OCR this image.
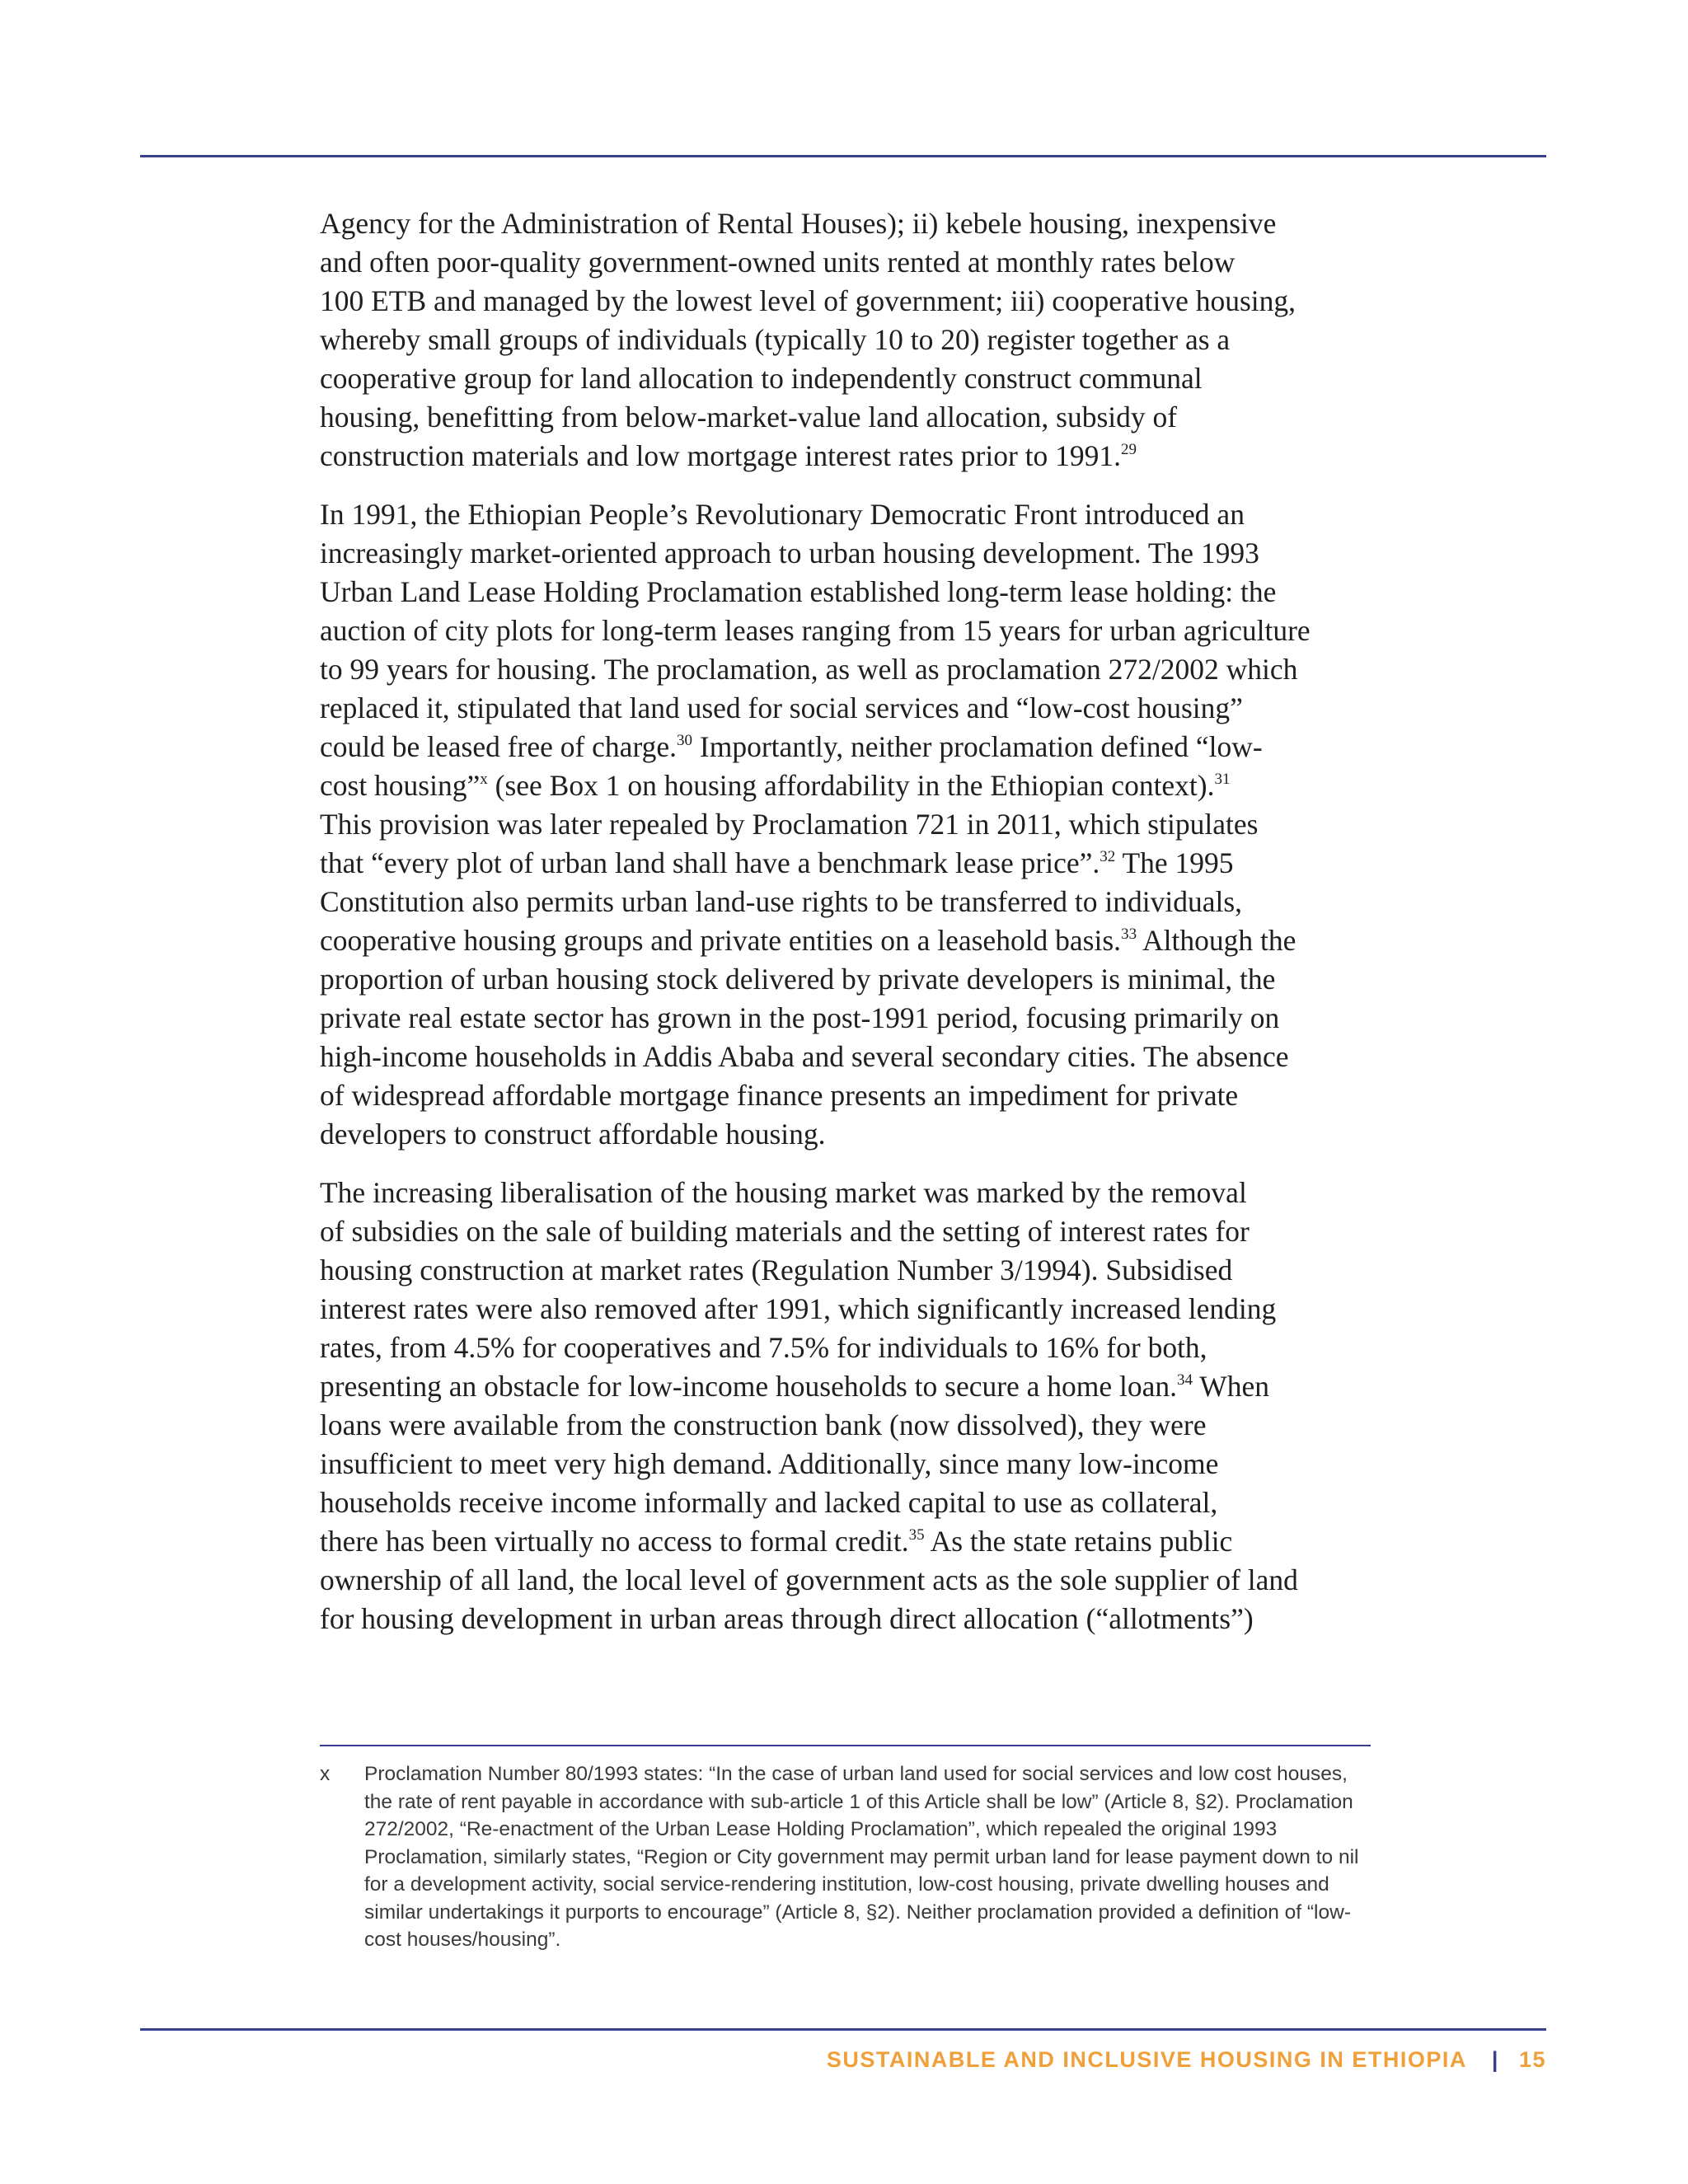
Agency for the Administration of Rental Houses); ii) kebele housing, inexpensive
and often poor-quality government-owned units rented at monthly rates below
100 ETB and managed by the lowest level of government; iii) cooperative housing,
whereby small groups of individuals (typically 10 to 20) register together as a
cooperative group for land allocation to independently construct communal
housing, benefitting from below-market-value land allocation, subsidy of
construction materials and low mortgage interest rates prior to 1991.29

In 1991, the Ethiopian People’s Revolutionary Democratic Front introduced an
increasingly market-oriented approach to urban housing development. The 1993
Urban Land Lease Holding Proclamation established long-term lease holding: the
auction of city plots for long-term leases ranging from 15 years for urban agriculture
to 99 years for housing. The proclamation, as well as proclamation 272/2002 which
replaced it, stipulated that land used for social services and “low-cost housing”
could be leased free of charge.$^{30}$ Importantly, neither proclamation defined “low-
cost housing”$^x$ (see Box 1 on housing affordability in the Ethiopian context).$^{31}$
This provision was later repealed by Proclamation 721 in 2011, which stipulates
that “every plot of urban land shall have a benchmark lease price”.$^{32}$ The 1995
Constitution also permits urban land-use rights to be transferred to individuals,
cooperative housing groups and private entities on a leasehold basis.$^{33}$ Although the
proportion of urban housing stock delivered by private developers is minimal, the
private real estate sector has grown in the post-1991 period, focusing primarily on
high-income households in Addis Ababa and several secondary cities. The absence
of widespread affordable mortgage finance presents an impediment for private
developers to construct affordable housing.

The increasing liberalisation of the housing market was marked by the removal
of subsidies on the sale of building materials and the setting of interest rates for
housing construction at market rates (Regulation Number 3/1994). Subsidised
interest rates were also removed after 1991, which significantly increased lending
rates, from 4.5% for cooperatives and 7.5% for individuals to 16% for both,
presenting an obstacle for low-income households to secure a home loan.$^{34}$ When
loans were available from the construction bank (now dissolved), they were
insufficient to meet very high demand. Additionally, since many low-income
households receive income informally and lacked capital to use as collateral,
there has been virtually no access to formal credit.$^{35}$ As the state retains public
ownership of all land, the local level of government acts as the sole supplier of land
for housing development in urban areas through direct allocation (“allotments”)

x	Proclamation Number 80/1993 states: “In the case of urban land used for social services and low cost houses,
the rate of rent payable in accordance with sub-article 1 of this Article shall be low” (Article 8, §2). Proclamation
272/2002, “Re-enactment of the Urban Lease Holding Proclamation”, which repealed the original 1993
Proclamation, similarly states, “Region or City government may permit urban land for lease payment down to nil
for a development activity, social service-rendering institution, low-cost housing, private dwelling houses and
similar undertakings it purports to encourage” (Article 8, §2). Neither proclamation provided a definition of “low-
cost houses/housing”.
SUSTAINABLE AND INCLUSIVE HOUSING IN ETHIOPIA | 15
